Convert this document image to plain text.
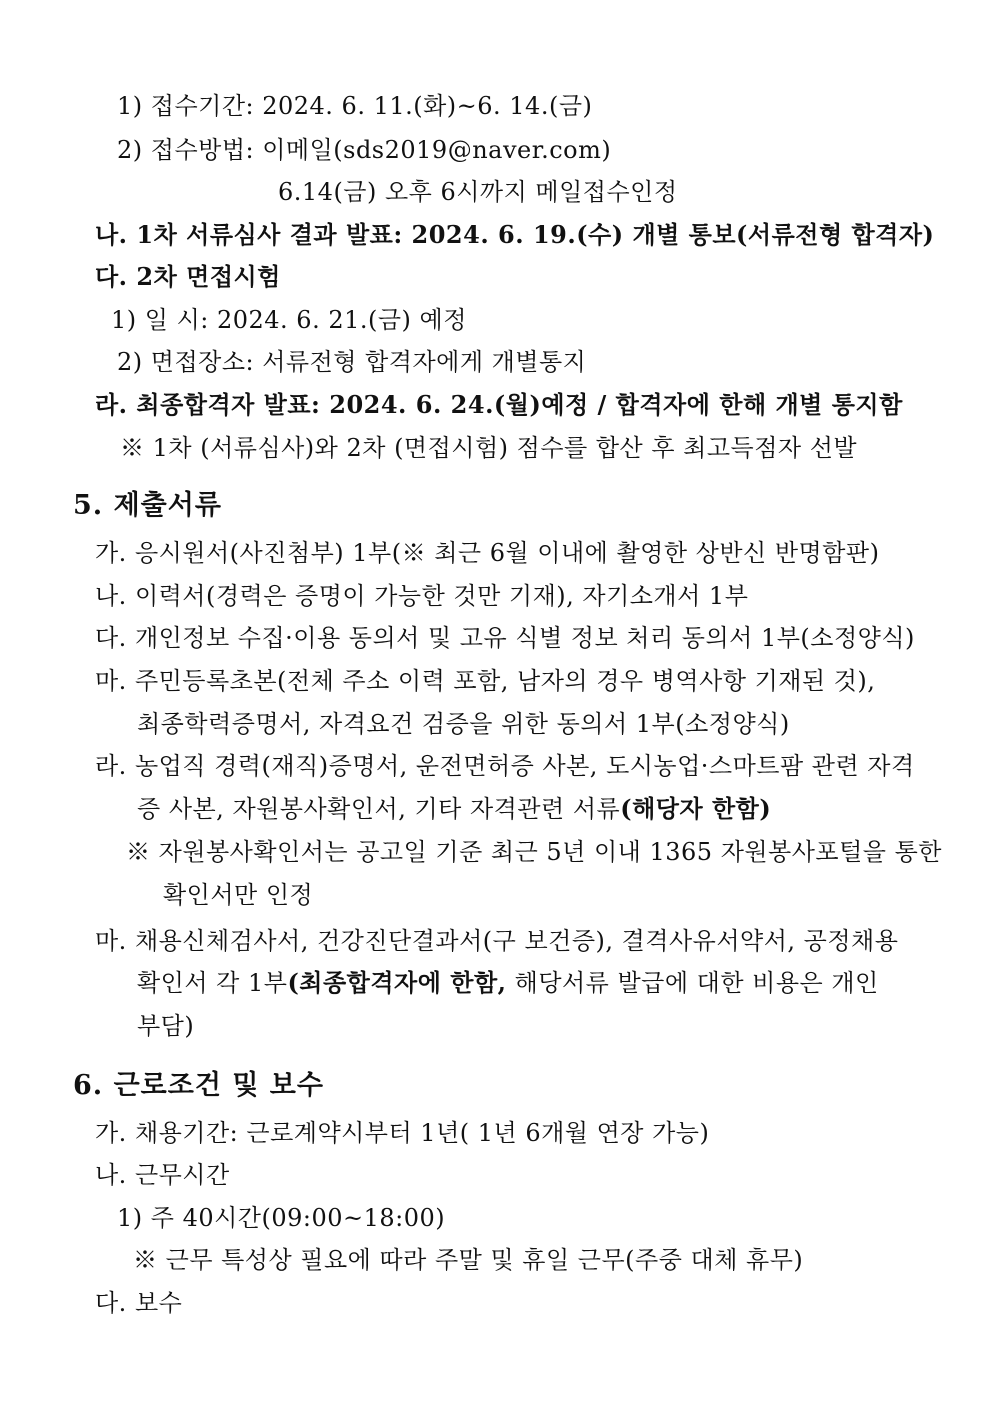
1) 접수기간: 2024. 6. 11.(화)~6. 14.(금)
2) 접수방법: 이메일(sds2019@naver.com)
6.14(금) 오후 6시까지 메일접수인정
나. 1차 서류심사 결과 발표: 2024. 6. 19.(수) 개별 통보(서류전형 합격자)
다. 2차 면접시험
1) 일 시: 2024. 6. 21.(금) 예정
2) 면접장소: 서류전형 합격자에게 개별통지
라. 최종합격자 발표: 2024. 6. 24.(월)예정 / 합격자에 한해 개별 통지함
※ 1차 (서류심사)와 2차 (면접시험) 점수를 합산 후 최고득점자 선발
5. 제출서류
가. 응시원서(사진첨부) 1부(※ 최근 6월 이내에 촬영한 상반신 반명함판)
나. 이력서(경력은 증명이 가능한 것만 기재), 자기소개서 1부
다. 개인정보 수집·이용 동의서 및 고유 식별 정보 처리 동의서 1부(소정양식)
마. 주민등록초본(전체 주소 이력 포함, 남자의 경우 병역사항 기재된 것),
최종학력증명서, 자격요건 검증을 위한 동의서 1부(소정양식)
라. 농업직 경력(재직)증명서, 운전면허증 사본, 도시농업·스마트팜 관련 자격
증 사본, 자원봉사확인서, 기타 자격관련 서류(해당자 한함)
※ 자원봉사확인서는 공고일 기준 최근 5년 이내 1365 자원봉사포털을 통한
확인서만 인정
마. 채용신체검사서, 건강진단결과서(구 보건증), 결격사유서약서, 공정채용
확인서 각 1부(최종합격자에 한함, 해당서류 발급에 대한 비용은 개인
부담)
6. 근로조건 및 보수
가. 채용기간: 근로계약시부터 1년( 1년 6개월 연장 가능)
나. 근무시간
1) 주 40시간(09:00~18:00)
※ 근무 특성상 필요에 따라 주말 및 휴일 근무(주중 대체 휴무)
다. 보수
